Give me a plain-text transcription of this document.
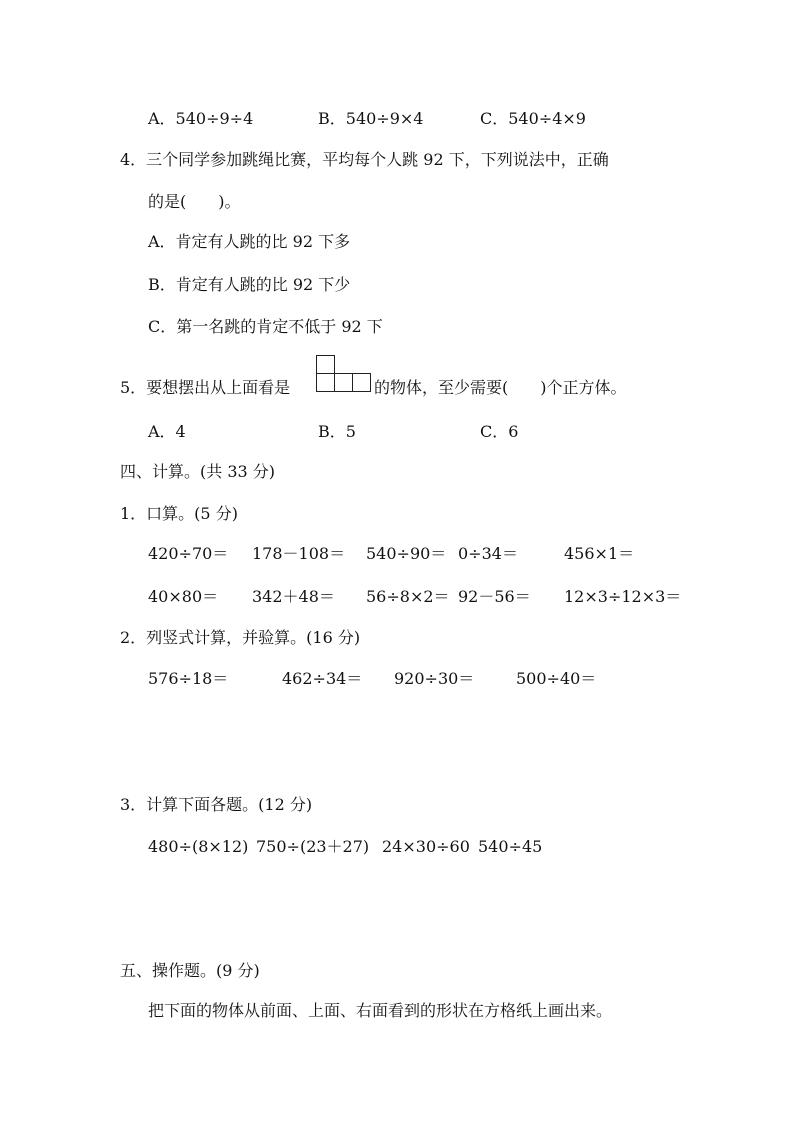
A．540÷9÷4	B．540÷9×4	C．540÷4×9
4．三个同学参加跳绳比赛，平均每个人跳 92 下，下列说法中，正确
的是(　　)。
A．肯定有人跳的比 92 下多
B．肯定有人跳的比 92 下少
C．第一名跳的肯定不低于 92 下
5．要想摆出从上面看是	的物体，至少需要(　　)个正方体。
A．4	B．5	C．6
四、计算。(共 33 分)
1．口算。(5 分)
420÷70＝ 178－108＝ 540÷90＝ 0÷34＝	456×1＝
40×80＝ 342＋48＝ 56÷8×2＝ 92－56＝ 12×3÷12×3＝
2．列竖式计算，并验算。(16 分)
576÷18＝	462÷34＝ 920÷30＝	500÷40＝
3．计算下面各题。(12 分)
480÷(8×12) 750÷(23＋27) 24×30÷60 540÷45
五、操作题。(9 分)
把下面的物体从前面、上面、右面看到的形状在方格纸上画出来。
